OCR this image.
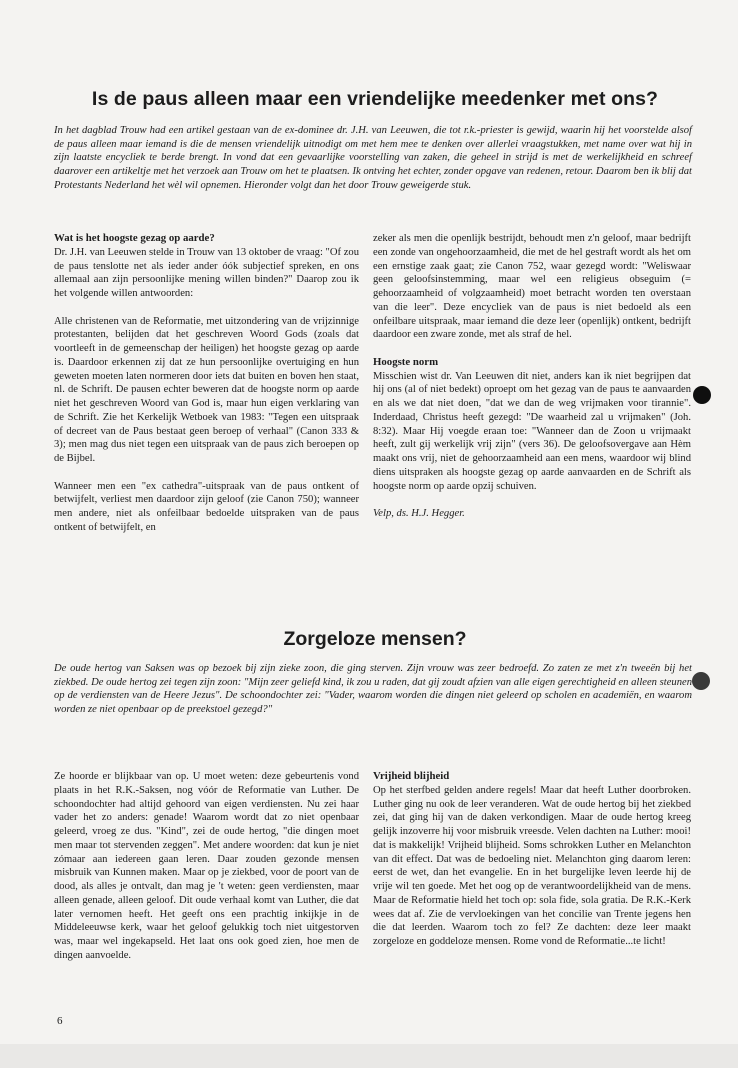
Is de paus alleen maar een vriendelijke meedenker met ons?

In het dagblad Trouw had een artikel gestaan van de ex-dominee dr. J.H. van Leeuwen, die tot r.k.-priester is gewijd, waarin hij het voorstelde alsof de paus alleen maar iemand is die de mensen vriendelijk uitnodigt om met hem mee te denken over allerlei vraagstukken, met name over wat hij in zijn laatste encycliek te berde brengt. In vond dat een gevaarlijke voorstelling van zaken, die geheel in strijd is met de werkelijkheid en schreef daarover een artikeltje met het verzoek aan Trouw om het te plaatsen. Ik ontving het echter, zonder opgave van redenen, retour. Daarom ben ik blij dat Protestants Nederland het wèl wil opnemen. Hieronder volgt dan het door Trouw geweigerde stuk.

Wat is het hoogste gezag op aarde?

Dr. J.H. van Leeuwen stelde in Trouw van 13 oktober de vraag: "Of zou de paus tenslotte net als ieder ander óók subjectief spreken, en ons allemaal aan zijn persoonlijke mening willen binden?" Daarop zou ik het volgende willen antwoorden:

Alle christenen van de Reformatie, met uitzondering van de vrijzinnige protestanten, belijden dat het geschreven Woord Gods (zoals dat voortleeft in de gemeenschap der heiligen) het hoogste gezag op aarde is. Daardoor erkennen zij dat ze hun persoonlijke overtuiging en hun geweten moeten laten normeren door iets dat buiten en boven hen staat, nl. de Schrift. De pausen echter beweren dat de hoogste norm op aarde niet het geschreven Woord van God is, maar hun eigen verklaring van de Schrift. Zie het Kerkelijk Wetboek van 1983: "Tegen een uitspraak of decreet van de Paus bestaat geen beroep of verhaal" (Canon 333 & 3); men mag dus niet tegen een uitspraak van de paus zich beroepen op de Bijbel.

Wanneer men een "ex cathedra"-uitspraak van de paus ontkent of betwijfelt, verliest men daardoor zijn geloof (zie Canon 750); wanneer men andere, niet als onfeilbaar bedoelde uitspraken van de paus ontkent of betwijfelt, en

zeker als men die openlijk bestrijdt, behoudt men z'n geloof, maar bedrijft een zonde van ongehoorzaamheid, die met de hel gestraft wordt als het om een ernstige zaak gaat; zie Canon 752, waar gezegd wordt: "Weliswaar geen geloofsinstemming, maar wel een religieus obseguim (= gehoorzaamheid of volgzaamheid) moet betracht worden ten overstaan van die leer". Deze encycliek van de paus is niet bedoeld als een onfeilbare uitspraak, maar iemand die deze leer (openlijk) ontkent, bedrijft daardoor een zware zonde, met als straf de hel.

Hoogste norm

Misschien wist dr. Van Leeuwen dit niet, anders kan ik niet begrijpen dat hij ons (al of niet bedekt) oproept om het gezag van de paus te aanvaarden en als we dat niet doen, "dat we dan de weg vrijmaken voor tirannie". Inderdaad, Christus heeft gezegd: "De waarheid zal u vrijmaken" (Joh. 8:32). Maar Hij voegde eraan toe: "Wanneer dan de Zoon u vrijmaakt heeft, zult gij werkelijk vrij zijn" (vers 36). De geloofsovergave aan Hèm maakt ons vrij, niet de gehoorzaamheid aan een mens, waardoor wij blind diens uitspraken als hoogste gezag op aarde aanvaarden en de Schrift als hoogste norm op aarde opzij schuiven.

Velp, ds. H.J. Hegger.

Zorgeloze mensen?

De oude hertog van Saksen was op bezoek bij zijn zieke zoon, die ging sterven. Zijn vrouw was zeer bedroefd. Zo zaten ze met z'n tweeën bij het ziekbed. De oude hertog zei tegen zijn zoon: "Mijn zeer geliefd kind, ik zou u raden, dat gij zoudt afzien van alle eigen gerechtigheid en alleen steunen op de verdiensten van de Heere Jezus". De schoondochter zei: "Vader, waarom worden die dingen niet geleerd op scholen en academiën, en waarom worden ze niet openbaar op de preekstoel gezegd?"

Ze hoorde er blijkbaar van op. U moet weten: deze gebeurtenis vond plaats in het R.K.-Saksen, nog vóór de Reformatie van Luther. De schoondochter had altijd gehoord van eigen verdiensten. Nu zei haar vader het zo anders: genade! Waarom wordt dat zo niet openbaar geleerd, vroeg ze dus. "Kind", zei de oude hertog, "die dingen moet men maar tot stervenden zeggen". Met andere woorden: dat kun je niet zómaar aan iedereen gaan leren. Daar zouden gezonde mensen misbruik van Kunnen maken. Maar op je ziekbed, voor de poort van de dood, als alles je ontvalt, dan mag je 't weten: geen verdiensten, maar alleen genade, alleen geloof. Dit oude verhaal komt van Luther, die dat later vernomen heeft. Het geeft ons een prachtig inkijkje in de Middeleeuwse kerk, waar het geloof gelukkig toch niet uitgestorven was, maar wel ingekapseld. Het laat ons ook goed zien, hoe men de dingen aanvoelde.

Vrijheid blijheid

Op het sterfbed gelden andere regels! Maar dat heeft Luther doorbroken. Luther ging nu ook de leer veranderen. Wat de oude hertog bij het ziekbed zei, dat ging hij van de daken verkondigen. Maar de oude hertog kreeg gelijk inzoverre hij voor misbruik vreesde. Velen dachten na Luther: mooi! dat is makkelijk! Vrijheid blijheid. Soms schrokken Luther en Melanchton van dit effect. Dat was de bedoeling niet. Melanchton ging daarom leren: eerst de wet, dan het evangelie. En in het burgelijke leven leerde hij de vrije wil ten goede. Met het oog op de verantwoordelijkheid van de mens. Maar de Reformatie hield het toch op: sola fide, sola gratia. De R.K.-Kerk wees dat af. Zie de vervloekingen van het concilie van Trente jegens hen die dat leerden. Waarom toch zo fel? Ze dachten: deze leer maakt zorgeloze en goddeloze mensen. Rome vond de Reformatie...te licht!

6
